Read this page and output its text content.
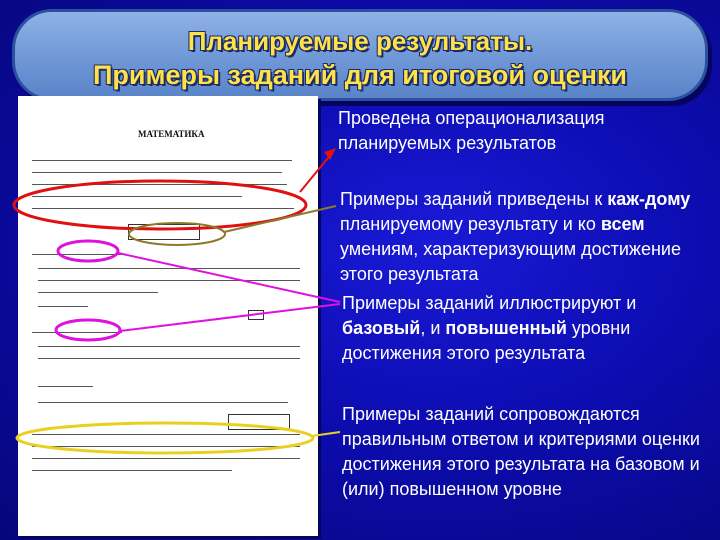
Планируемые результаты.
Примеры заданий для итоговой оценки
МАТЕМАТИКА
Проведена операционализация планируемых результатов
Примеры заданий приведены к каж-дому планируемому результату и ко всем умениям, характеризующим достижение этого результата
Примеры заданий иллюстрируют и базовый, и повышенный уровни достижения этого результата
Примеры заданий сопровождаются правильным ответом и критериями оценки достижения этого результата на базовом и (или) повышенном уровне
